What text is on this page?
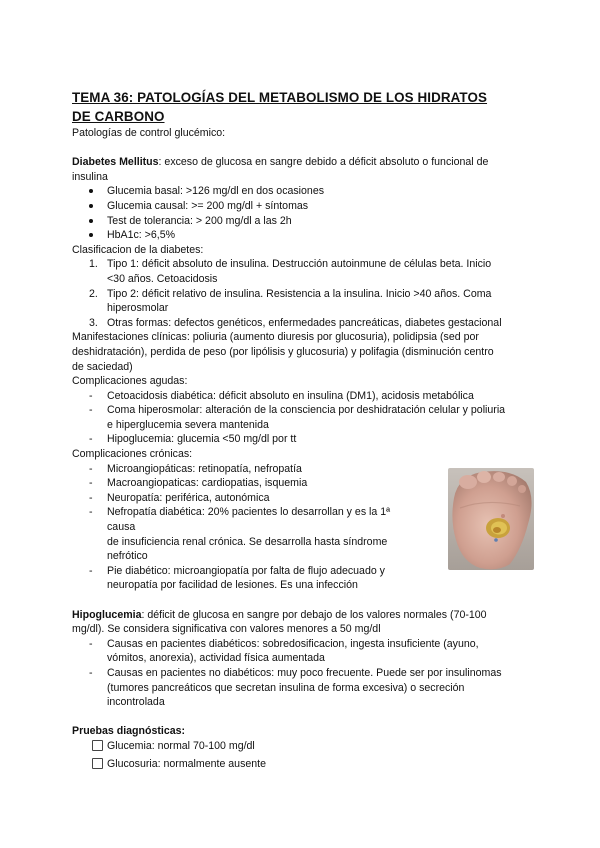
TEMA 36: PATOLOGÍAS DEL METABOLISMO DE LOS HIDRATOS
DE CARBONO

Patologías de control glucémico:

Diabetes Mellitus: exceso de glucosa en sangre debido a déficit absoluto o funcional de
insulina

Glucemia basal: >126 mg/dl en dos ocasiones
Glucemia causal: >= 200 mg/dl + síntomas
Test de tolerancia: > 200 mg/dl a las 2h
HbA1c: >6,5%

Clasificacion de la diabetes:

1. Tipo 1: déficit absoluto de insulina. Destrucción autoinmune de células beta. Inicio
<30 años. Cetoacidosis
2. Tipo 2: déficit relativo de insulina. Resistencia a la insulina. Inicio >40 años. Coma
hiperosmolar
3. Otras formas: defectos genéticos, enfermedades pancreáticas, diabetes gestacional

Manifestaciones clínicas: poliuria (aumento diuresis por glucosuria), polidipsia (sed por
deshidratación), perdida de peso (por lipólisis y glucosuria) y polifagia (disminución centro
de saciedad)

Complicaciones agudas:

- Cetoacidosis diabética: déficit absoluto en insulina (DM1), acidosis metabólica
- Coma hiperosmolar: alteración de la consciencia por deshidratación celular y poliuria
e hiperglucemia severa mantenida
- Hipoglucemia: glucemia <50 mg/dl por tt

Complicaciones crónicas:

- Microangiopáticas: retinopatía, nefropatía
- Macroangiopaticas: cardiopatias, isquemia
- Neuropatía: periférica, autonómica
- Nefropatía diabética: 20% pacientes lo desarrollan y es la 1ª causa
de insuficiencia renal crónica. Se desarrolla hasta síndrome
nefrótico
- Pie diabético: microangiopatía por falta de flujo adecuado y
neuropatía por facilidad de lesiones. Es una infección

Hipoglucemia: déficit de glucosa en sangre por debajo de los valores normales (70-100
mg/dl). Se considera significativa con valores menores a 50 mg/dl

- Causas en pacientes diabéticos: sobredosificacion, ingesta insuficiente (ayuno,
vómitos, anorexia), actividad física aumentada
- Causas en pacientes no diabéticos: muy poco frecuente. Puede ser por insulinomas
(tumores pancreáticos que secretan insulina de forma excesiva) o secreción
incontrolada

Pruebas diagnósticas:

Glucemia: normal 70-100 mg/dl
Glucosuria: normalmente ausente
